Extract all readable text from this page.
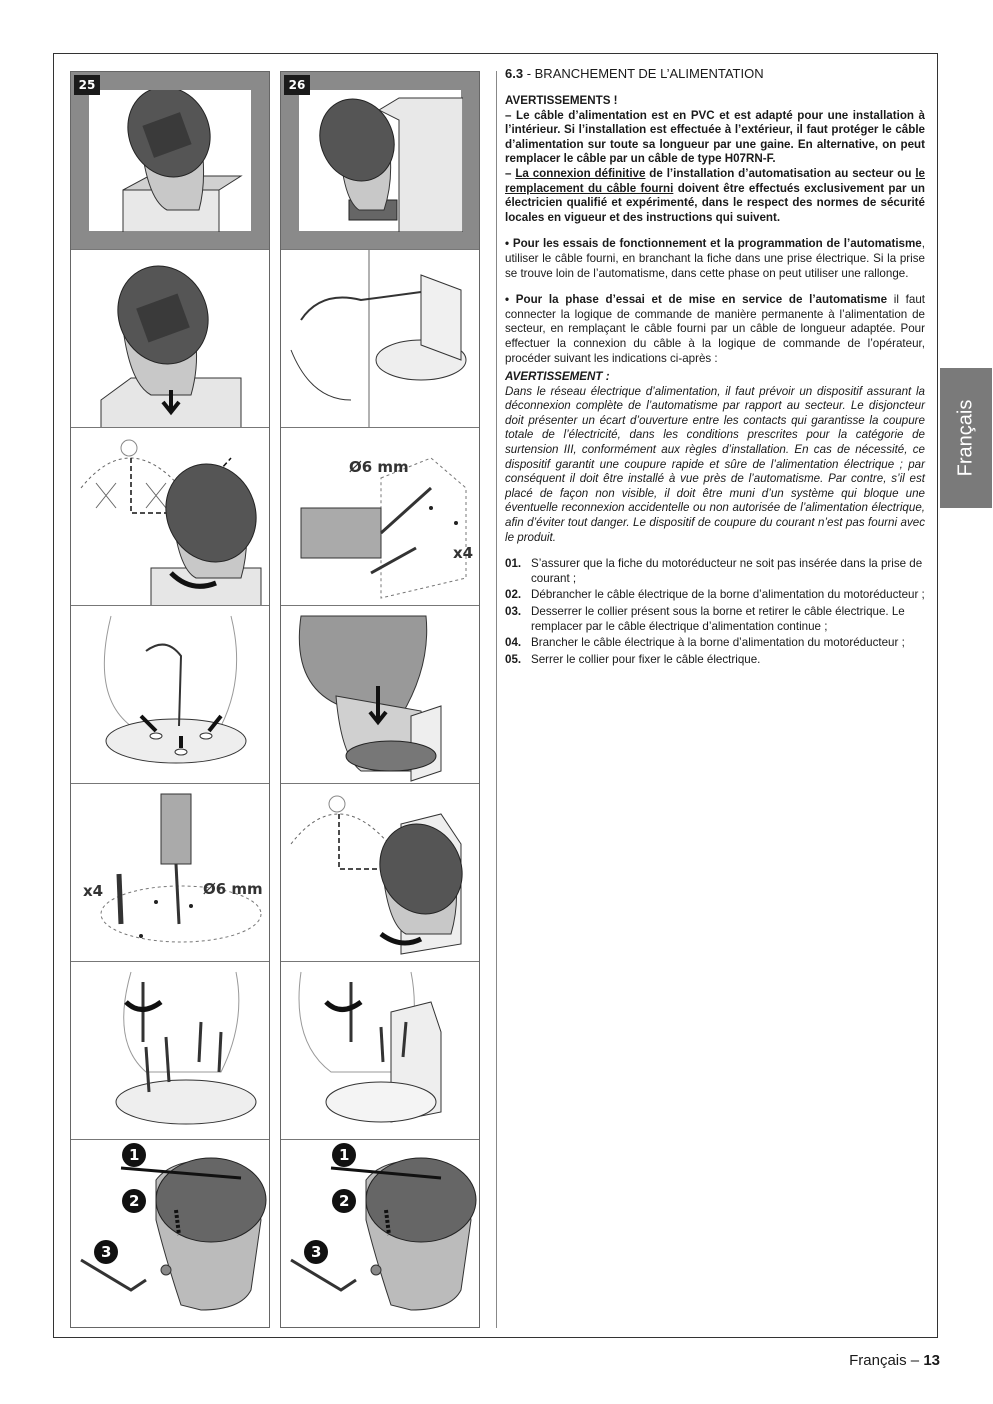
25
x4	Ø6 mm
1
2
3
26
Ø6 mm
x4
1
2
3
6.3 - BRANCHEMENT DE L’ALIMENTATION
AVERTISSEMENTS !
– Le câble d’alimentation est en PVC et est adapté pour une installation à l’intérieur. Si l’installation est effectuée à l’extérieur, il faut protéger le câble d’alimentation sur toute sa longueur par une gaine. En alternative, on peut remplacer le câble par un câble de type H07RN-F.
– La connexion définitive de l’installation d’automatisation au secteur ou le remplacement du câble fourni doivent être effectués exclusivement par un électricien qualifié et expérimenté, dans le respect des normes de sécurité locales en vigueur et des instructions qui suivent.
• Pour les essais de fonctionnement et la programmation de l’automatisme, utiliser le câble fourni, en branchant la fiche dans une prise électrique. Si la prise se trouve loin de l’automatisme, dans cette phase on peut utiliser une rallonge.
• Pour la phase d’essai et de mise en service de l’automatisme il faut connecter la logique de commande de manière permanente à l’alimentation de secteur, en remplaçant le câble fourni par un câble de longueur adaptée. Pour effectuer la connexion du câble à la logique de commande de l’opérateur, procéder suivant les indications ci-après :
AVERTISSEMENT :
Dans le réseau électrique d’alimentation, il faut prévoir un dispositif assurant la déconnexion complète de l’automatisme par rapport au secteur. Le disjoncteur doit présenter un écart d’ouverture entre les contacts qui garantisse la coupure totale de l’électricité, dans les conditions prescrites pour la catégorie de surtension III, conformément aux règles d’installation. En cas de nécessité, ce dispositif garantit une coupure rapide et sûre de l’alimentation électrique ; par conséquent il doit être installé à vue près de l’automatisme. Par contre, s’il est placé de façon non visible, il doit être muni d’un système qui bloque une éventuelle reconnexion accidentelle ou non autorisée de l’alimentation électrique, afin d’éviter tout danger. Le dispositif de coupure du courant n’est pas fourni avec le produit.
01. S’assurer que la fiche du motoréducteur ne soit pas insérée dans la prise de courant ;
02. Débrancher le câble électrique de la borne d’alimentation du motoréducteur ;
03. Desserrer le collier présent sous la borne et retirer le câble électrique. Le remplacer par le câble électrique d’alimentation continue ;
04. Brancher le câble électrique à la borne d’alimentation du motoréducteur ;
05. Serrer le collier pour fixer le câble électrique.
Français
Français – 13
